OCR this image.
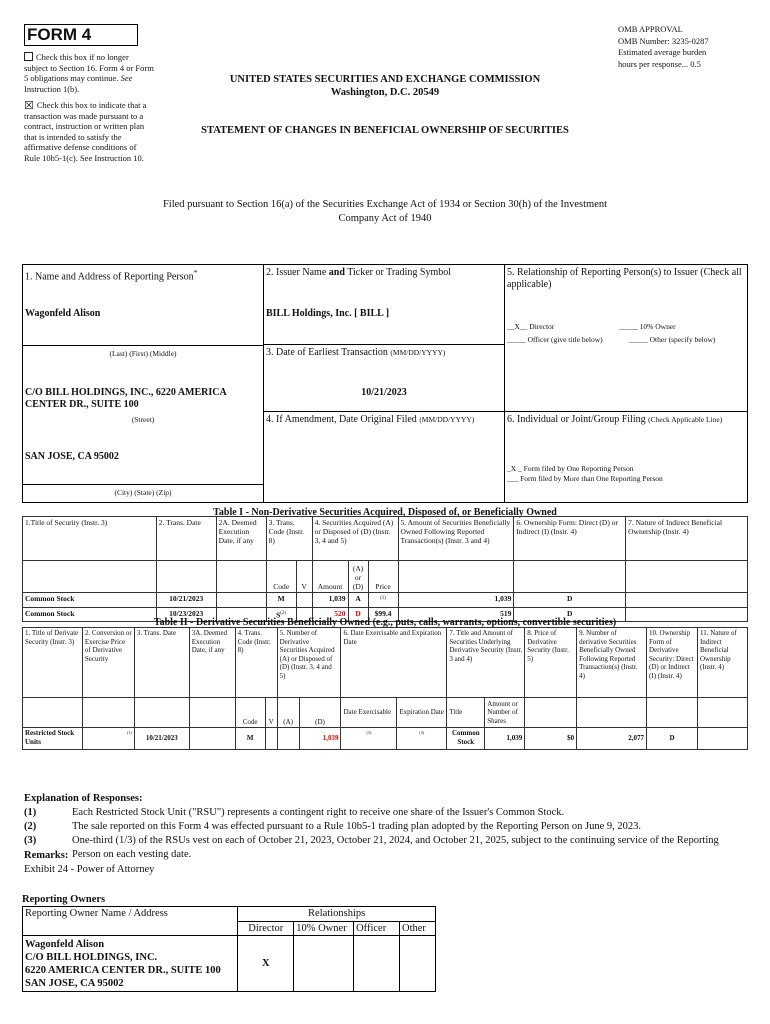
FORM 4
Check this box if no longer subject to Section 16. Form 4 or Form 5 obligations may continue. See Instruction 1(b).
☒ Check this box to indicate that a transaction was made pursuant to a contract, instruction or written plan that is intended to satisfy the affirmative defense conditions of Rule 10b5-1(c). See Instruction 10.
OMB APPROVAL
OMB Number: 3235-0287
Estimated average burden
hours per response... 0.5
UNITED STATES SECURITIES AND EXCHANGE COMMISSION
Washington, D.C. 20549
STATEMENT OF CHANGES IN BENEFICIAL OWNERSHIP OF SECURITIES
Filed pursuant to Section 16(a) of the Securities Exchange Act of 1934 or Section 30(h) of the Investment Company Act of 1940
1. Name and Address of Reporting Person*
Wagonfeld Alison
(Last) (First) (Middle)
C/O BILL HOLDINGS, INC., 6220 AMERICA CENTER DR., SUITE 100
(Street)
SAN JOSE, CA 95002
(City) (State) (Zip)
2. Issuer Name and Ticker or Trading Symbol
BILL Holdings, Inc. [ BILL ]
3. Date of Earliest Transaction (MM/DD/YYYY)
10/21/2023
4. If Amendment, Date Original Filed (MM/DD/YYYY)
5. Relationship of Reporting Person(s) to Issuer (Check all applicable)
__X__ Director	_____ 10% Owner
_____ Officer (give title below)	_____ Other (specify below)
6. Individual or Joint/Group Filing (Check Applicable Line)
_X _ Form filed by One Reporting Person
___ Form filed by More than One Reporting Person
Table I - Non-Derivative Securities Acquired, Disposed of, or Beneficially Owned
1.Title of Security (Instr. 3)	2. Trans. Date	2A. Deemed Execution Date, if any	3. Trans. Code (Instr. 8)		4. Securities Acquired (A) or Disposed of (D) (Instr. 3, 4 and 5)			5. Amount of Securities Beneficially Owned Following Reported Transaction(s) (Instr. 3 and 4)	6. Ownership Form: Direct (D) or Indirect (I) (Instr. 4)	7. Nature of Indirect Beneficial Ownership (Instr. 4)
			Code	V	Amount	(A) or (D)	Price			
Common Stock	10/21/2023		M		1,039	A	$^{(1)}$	1,039	D	
Common Stock	10/23/2023		$S^{(2)}$		520	D	$99.4	519	D	
Table II - Derivative Securities Beneficially Owned (e.g., puts, calls, warrants, options, convertible securities)
1. Title of Derivate Security (Instr. 3)	2. Conversion or Exercise Price of Derivative Security	3. Trans. Date	3A. Deemed Execution Date, if any	4. Trans. Code (Instr. 8)		5. Number of Derivative Securities Acquired (A) or Disposed of (D) (Instr. 3, 4 and 5)		6. Date Exercisable and Expiration Date		7. Title and Amount of Securities Underlying Derivative Security (Instr. 3 and 4)		8. Price of Derivative Security (Instr. 5)	9. Number of derivative Securities Beneficially Owned Following Reported Transaction(s) (Instr. 4)	10. Ownership Form of Derivative Security: Direct (D) or Indirect (I) (Instr. 4)	11. Nature of Indirect Beneficial Ownership (Instr. 4)
				Code	V	(A)	(D)	Date Exercisable	Expiration Date	Title	Amount or Number of Shares				
Restricted Stock Units	$^{(1)}$	10/21/2023		M			1,039	$^{(3)}$	$^{(3)}$	Common Stock	1,039	$0	2,077	D	
Explanation of Responses:
(1)	Each Restricted Stock Unit ("RSU") represents a contingent right to receive one share of the Issuer's Common Stock.
(2)	The sale reported on this Form 4 was effected pursuant to a Rule 10b5-1 trading plan adopted by the Reporting Person on June 9, 2023.
(3)	One-third (1/3) of the RSUs vest on each of October 21, 2023, October 21, 2024, and October 21, 2025, subject to the continuing service of the Reporting Person on each vesting date.
Remarks:
Exhibit 24 - Power of Attorney
Reporting Owners
Reporting Owner Name / Address	Relationships			
	Director	10% Owner	Officer	Other

Wagonfeld Alison
C/O BILL HOLDINGS, INC.
6220 AMERICA CENTER DR., SUITE 100
SAN JOSE, CA 95002	X			
